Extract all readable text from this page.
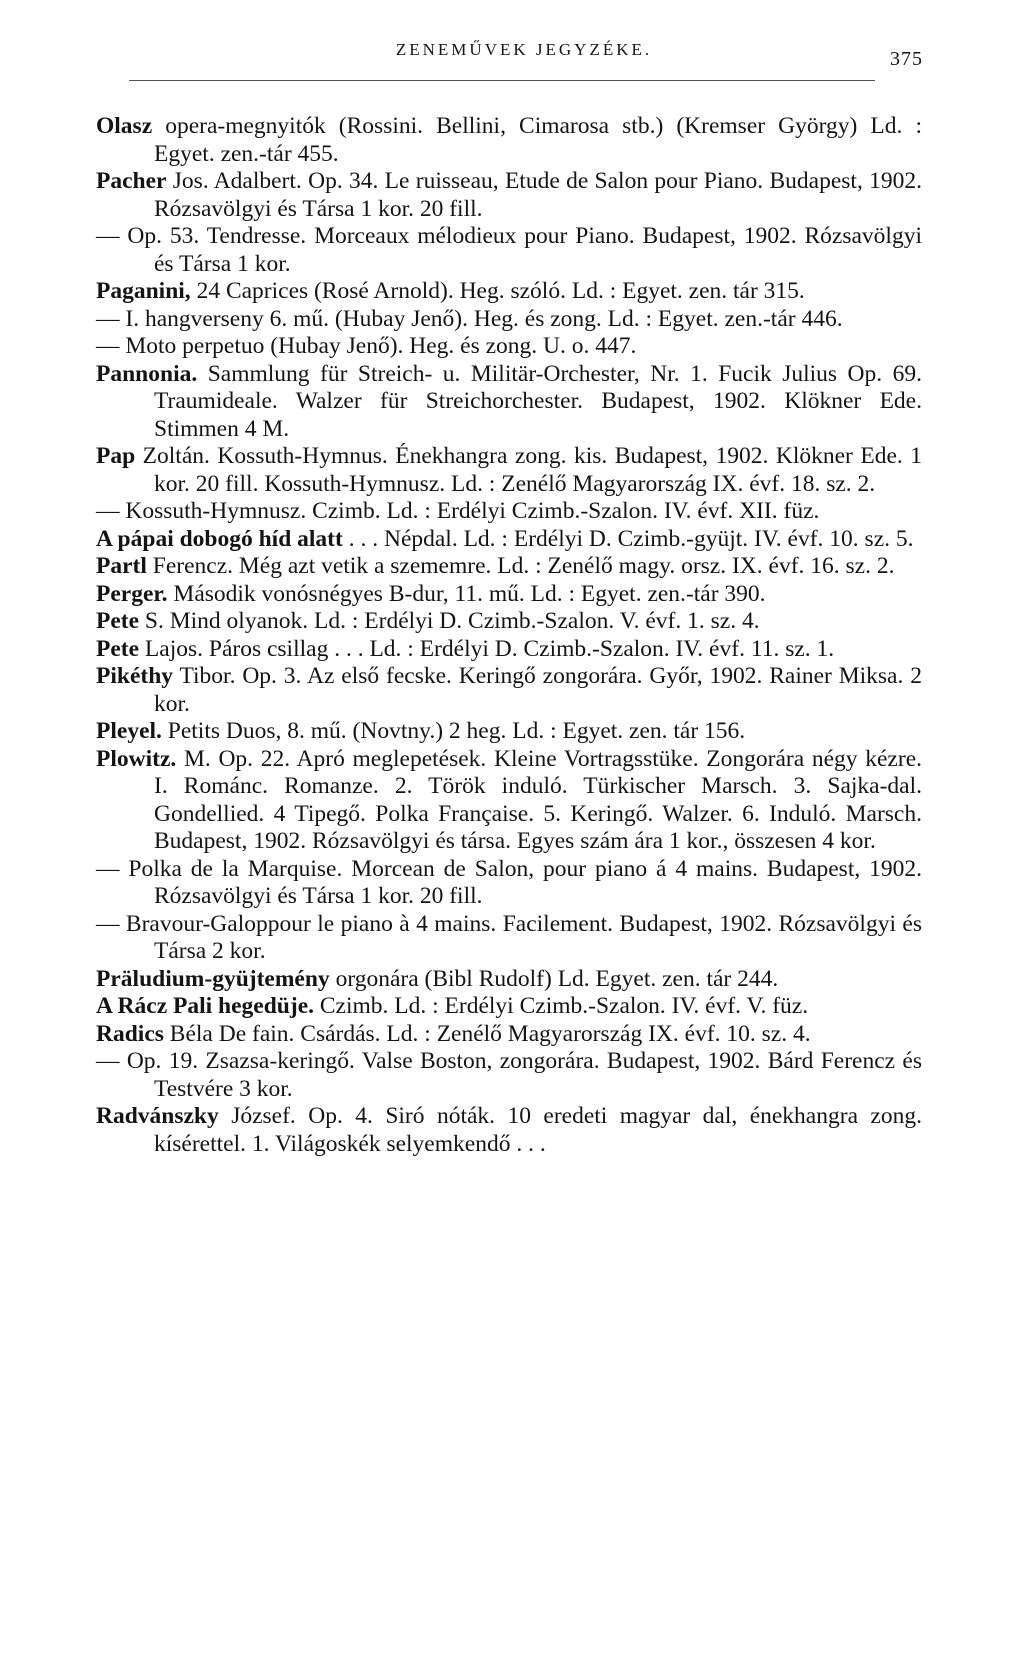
ZENEMŰVEK JEGYZÉKE.	375
Olasz opera-megnyitók (Rossini. Bellini, Cimarosa stb.) (Kremser György) Ld. : Egyet. zen.-tár 455.
Pacher Jos. Adalbert. Op. 34. Le ruisseau, Etude de Salon pour Piano. Budapest, 1902. Rózsavölgyi és Társa 1 kor. 20 fill.
— Op. 53. Tendresse. Morceaux mélodieux pour Piano. Budapest, 1902. Rózsavölgyi és Társa 1 kor.
Paganini, 24 Caprices (Rosé Arnold). Heg. szóló. Ld. : Egyet. zen. tár 315.
— I. hangverseny 6. mű. (Hubay Jenő). Heg. és zong. Ld. : Egyet. zen.-tár 446.
— Moto perpetuo (Hubay Jenő). Heg. és zong. U. o. 447.
Pannonia. Sammlung für Streich- u. Militär-Orchester, Nr. 1. Fucik Julius Op. 69. Traumideale. Walzer für Streichorchester. Budapest, 1902. Klökner Ede. Stimmen 4 M.
Pap Zoltán. Kossuth-Hymnus. Énekhangra zong. kis. Budapest, 1902. Klökner Ede. 1 kor. 20 fill. Kossuth-Hymnusz. Ld. : Zenélő Magyarország IX. évf. 18. sz. 2.
— Kossuth-Hymnusz. Czimb. Ld. : Erdélyi Czimb.-Szalon. IV. évf. XII. füz.
A pápai dobogó híd alatt . . . Népdal. Ld. : Erdélyi D. Czimb.-gyüjt. IV. évf. 10. sz. 5.
Partl Ferencz. Még azt vetik a szememre. Ld. : Zenélő magy. orsz. IX. évf. 16. sz. 2.
Perger. Második vonósnégyes B-dur, 11. mű. Ld. : Egyet. zen.-tár 390.
Pete S. Mind olyanok. Ld. : Erdélyi D. Czimb.-Szalon. V. évf. 1. sz. 4.
Pete Lajos. Páros csillag . . . Ld. : Erdélyi D. Czimb.-Szalon. IV. évf. 11. sz. 1.
Pikéthy Tibor. Op. 3. Az első fecske. Keringő zongorára. Győr, 1902. Rainer Miksa. 2 kor.
Pleyel. Petits Duos, 8. mű. (Novtny.) 2 heg. Ld. : Egyet. zen. tár 156.
Plowitz. M. Op. 22. Apró meglepetések. Kleine Vortragsstüke. Zongorára négy kézre. I. Románc. Romanze. 2. Török induló. Türkischer Marsch. 3. Sajka-dal. Gondellied. 4 Tipegő. Polka Française. 5. Keringő. Walzer. 6. Induló. Marsch. Budapest, 1902. Rózsavölgyi és társa. Egyes szám ára 1 kor., összesen 4 kor.
— Polka de la Marquise. Morcean de Salon, pour piano á 4 mains. Budapest, 1902. Rózsavölgyi és Társa 1 kor. 20 fill.
— Bravour-Galoppour le piano à 4 mains. Facilement. Budapest, 1902. Rózsavölgyi és Társa 2 kor.
Präludium-gyüjtemény orgonára (Bibl Rudolf) Ld. Egyet. zen. tár 244.
A Rácz Pali hegedüje. Czimb. Ld. : Erdélyi Czimb.-Szalon. IV. évf. V. füz.
Radics Béla De fain. Csárdás. Ld. : Zenélő Magyarország IX. évf. 10. sz. 4.
— Op. 19. Zsazsa-keringő. Valse Boston, zongorára. Budapest, 1902. Bárd Ferencz és Testvére 3 kor.
Radvánszky József. Op. 4. Siró nóták. 10 eredeti magyar dal, énekhangra zong. kísérettel. 1. Világoskék selyemkendő . . .
